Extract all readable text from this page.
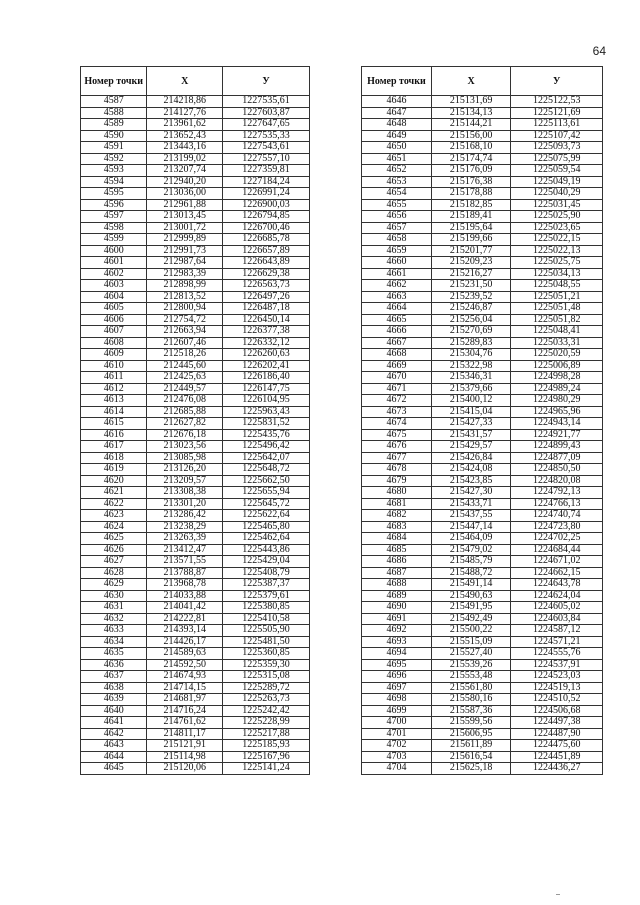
64
Номер точки	X	У
4587	214218,86	1227535,61
4588	214127,76	1227603,87
4589	213961,62	1227647,65
4590	213652,43	1227535,33
4591	213443,16	1227543,61
4592	213199,02	1227557,10
4593	213207,74	1227359,81
4594	212940,20	1227184,24
4595	213036,00	1226991,24
4596	212961,88	1226900,03
4597	213013,45	1226794,85
4598	213001,72	1226700,46
4599	212999,89	1226685,78
4600	212991,73	1226657,89
4601	212987,64	1226643,89
4602	212983,39	1226629,38
4603	212898,99	1226563,73
4604	212813,52	1226497,26
4605	212800,94	1226487,18
4606	212754,72	1226450,14
4607	212663,94	1226377,38
4608	212607,46	1226332,12
4609	212518,26	1226260,63
4610	212445,60	1226202,41
4611	212425,63	1226186,40
4612	212449,57	1226147,75
4613	212476,08	1226104,95
4614	212685,88	1225963,43
4615	212627,82	1225831,52
4616	212676,18	1225435,76
4617	213023,56	1225496,42
4618	213085,98	1225642,07
4619	213126,20	1225648,72
4620	213209,57	1225662,50
4621	213308,38	1225655,94
4622	213301,20	1225645,72
4623	213286,42	1225622,64
4624	213238,29	1225465,80
4625	213263,39	1225462,64
4626	213412,47	1225443,86
4627	213571,55	1225429,04
4628	213788,87	1225408,79
4629	213968,78	1225387,37
4630	214033,88	1225379,61
4631	214041,42	1225380,85
4632	214222,81	1225410,58
4633	214393,14	1225505,90
4634	214426,17	1225481,50
4635	214589,63	1225360,85
4636	214592,50	1225359,30
4637	214674,93	1225315,08
4638	214714,15	1225289,72
4639	214681,97	1225263,73
4640	214716,24	1225242,42
4641	214761,62	1225228,99
4642	214811,17	1225217,88
4643	215121,91	1225185,93
4644	215114,98	1225167,96
4645	215120,06	1225141,24
Номер точки	X	У
4646	215131,69	1225122,53
4647	215134,13	1225121,69
4648	215144,21	1225113,61
4649	215156,00	1225107,42
4650	215168,10	1225093,73
4651	215174,74	1225075,99
4652	215176,09	1225059,54
4653	215176,38	1225049,19
4654	215178,88	1225040,29
4655	215182,85	1225031,45
4656	215189,41	1225025,90
4657	215195,64	1225023,65
4658	215199,66	1225022,15
4659	215201,77	1225022,13
4660	215209,23	1225025,75
4661	215216,27	1225034,13
4662	215231,50	1225048,55
4663	215239,52	1225051,21
4664	215246,87	1225051,48
4665	215256,04	1225051,82
4666	215270,69	1225048,41
4667	215289,83	1225033,31
4668	215304,76	1225020,59
4669	215322,98	1225006,89
4670	215346,31	1224998,28
4671	215379,66	1224989,24
4672	215400,12	1224980,29
4673	215415,04	1224965,96
4674	215427,33	1224943,14
4675	215431,57	1224921,77
4676	215429,57	1224899,43
4677	215426,84	1224877,09
4678	215424,08	1224850,50
4679	215423,85	1224820,08
4680	215427,30	1224792,13
4681	215433,71	1224766,13
4682	215437,55	1224740,74
4683	215447,14	1224723,80
4684	215464,09	1224702,25
4685	215479,02	1224684,44
4686	215485,79	1224671,02
4687	215488,72	1224662,15
4688	215491,14	1224643,78
4689	215490,63	1224624,04
4690	215491,95	1224605,02
4691	215492,49	1224603,84
4692	215500,22	1224587,12
4693	215515,09	1224571,21
4694	215527,40	1224555,76
4695	215539,26	1224537,91
4696	215553,48	1224523,03
4697	215561,80	1224519,13
4698	215580,16	1224510,52
4699	215587,36	1224506,68
4700	215599,56	1224497,38
4701	215606,95	1224487,90
4702	215611,89	1224475,60
4703	215616,54	1224451,89
4704	215625,18	1224436,27
